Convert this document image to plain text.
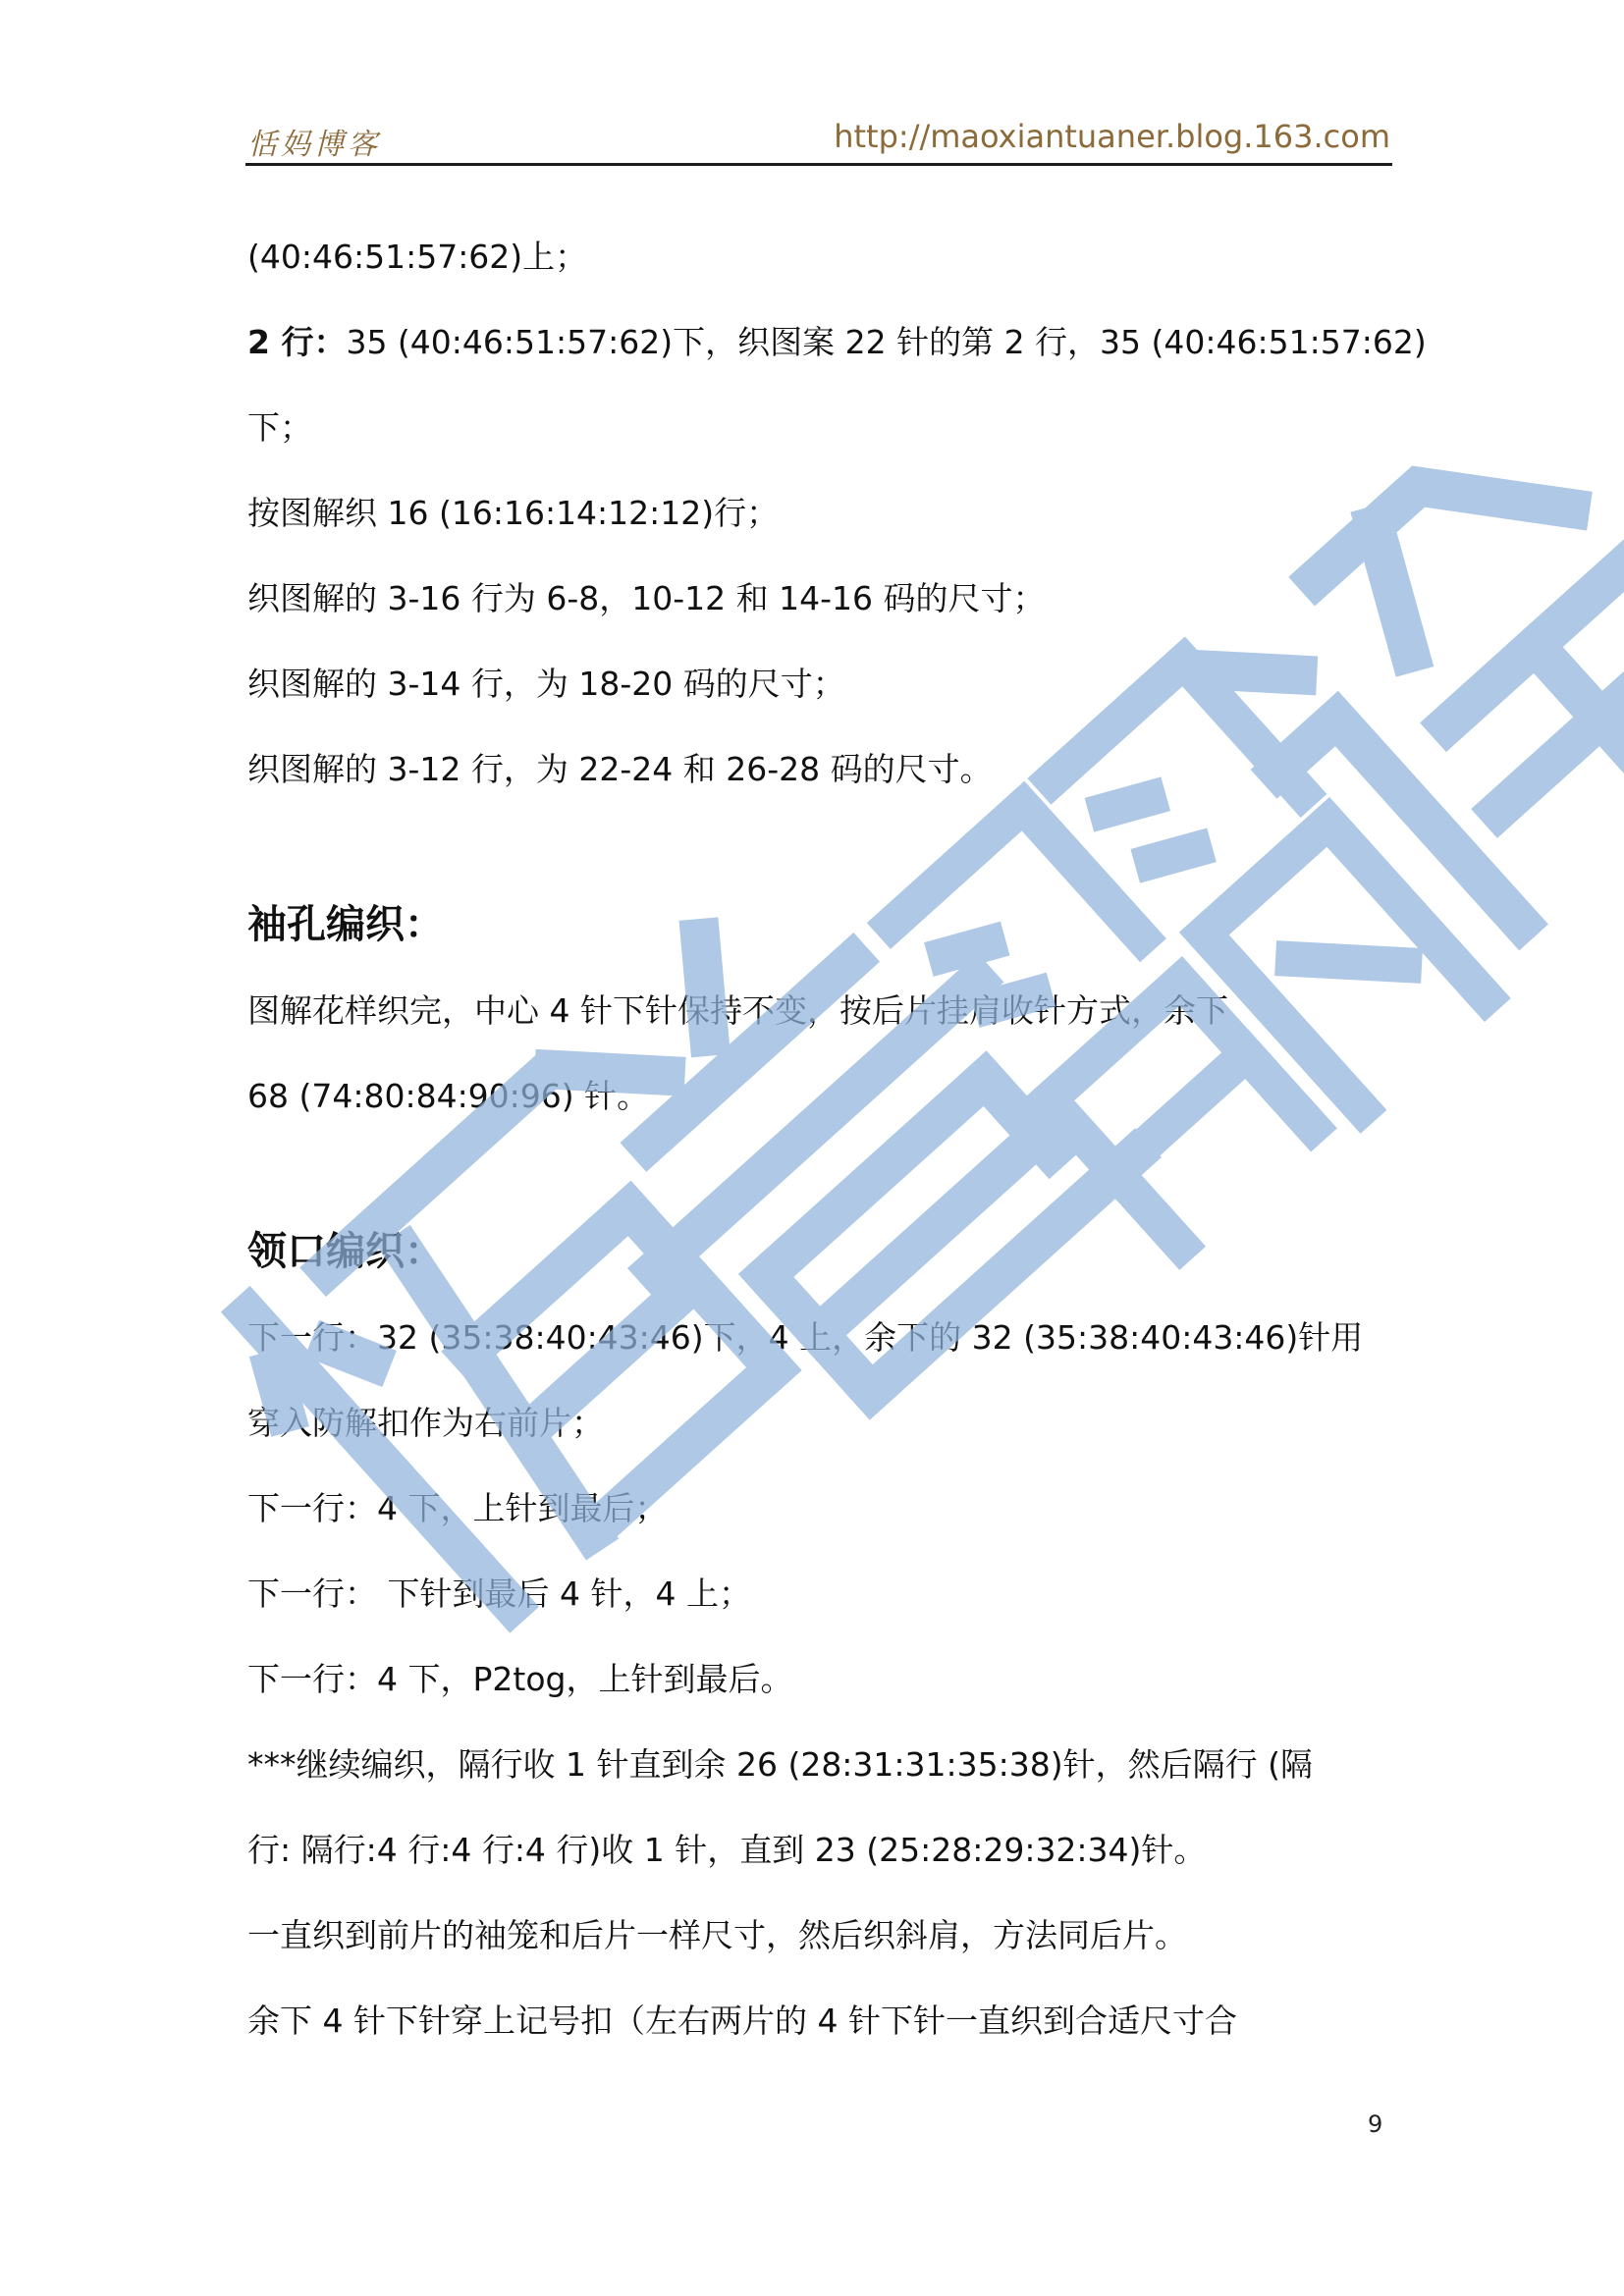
恬妈博客	http://maoxiantuaner.blog.163.com
(40:46:51:57:62)上；
2 行：35 (40:46:51:57:62)下，织图案 22 针的第 2 行，35 (40:46:51:57:62)
下；
按图解织 16 (16:16:14:12:12)行；
织图解的 3-16 行为 6-8，10-12 和 14-16 码的尺寸；
织图解的 3-14 行，为 18-20 码的尺寸；
织图解的 3-12 行，为 22-24 和 26-28 码的尺寸。
袖孔编织：
图解花样织完，中心 4 针下针保持不变，按后片挂肩收针方式，余下
68 (74:80:84:90:96) 针。
领口编织：
下一行：32 (35:38:40:43:46)下，4 上，余下的 32 (35:38:40:43:46)针用
穿入防解扣作为右前片；
下一行：4 下，上针到最后；
下一行： 下针到最后 4 针，4 上；
下一行：4 下，P2tog，上针到最后。
***继续编织，隔行收 1 针直到余 26 (28:31:31:35:38)针，然后隔行 (隔
行: 隔行:4 行:4 行:4 行)收 1 针，直到 23 (25:28:29:32:34)针。
一直织到前片的袖笼和后片一样尺寸，然后织斜肩，方法同后片。
余下 4 针下针穿上记号扣（左右两片的 4 针下针一直织到合适尺寸合
9
